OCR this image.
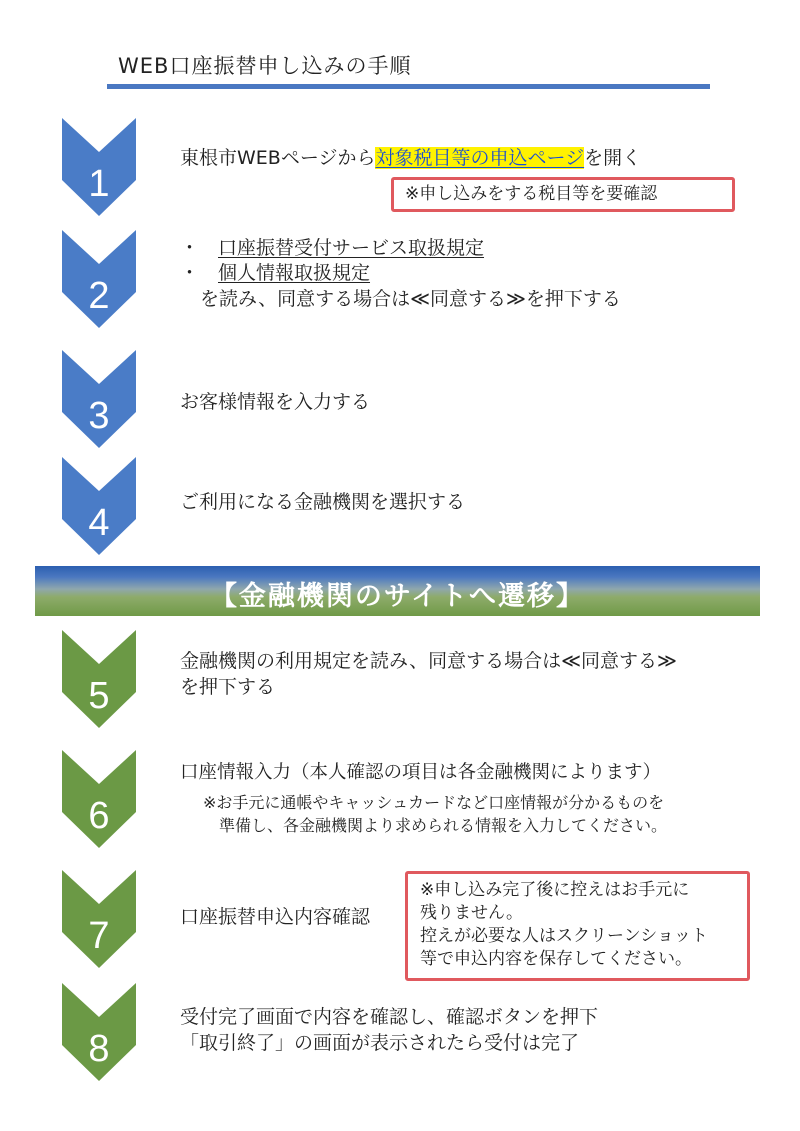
WEB口座振替申し込みの手順
1
東根市WEBページから対象税目等の申込ページを開く
※申し込みをする税目等を要確認
2
・ 口座振替受付サービス取扱規定
・ 個人情報取扱規定
を読み、同意する場合は≪同意する≫を押下する
3	お客様情報を入力する
4	ご利用になる金融機関を選択する
【金融機関のサイトへ遷移】
5
金融機関の利用規定を読み、同意する場合は≪同意する≫
を押下する
6
口座情報入力（本人確認の項目は各金融機関によります）
※お手元に通帳やキャッシュカードなど口座情報が分かるものを
準備し、各金融機関より求められる情報を入力してください。
7	口座振替申込内容確認
※申し込み完了後に控えはお手元に
残りません。
控えが必要な人はスクリーンショット
等で申込内容を保存してください。
8
受付完了画面で内容を確認し、確認ボタンを押下
「取引終了」の画面が表示されたら受付は完了
